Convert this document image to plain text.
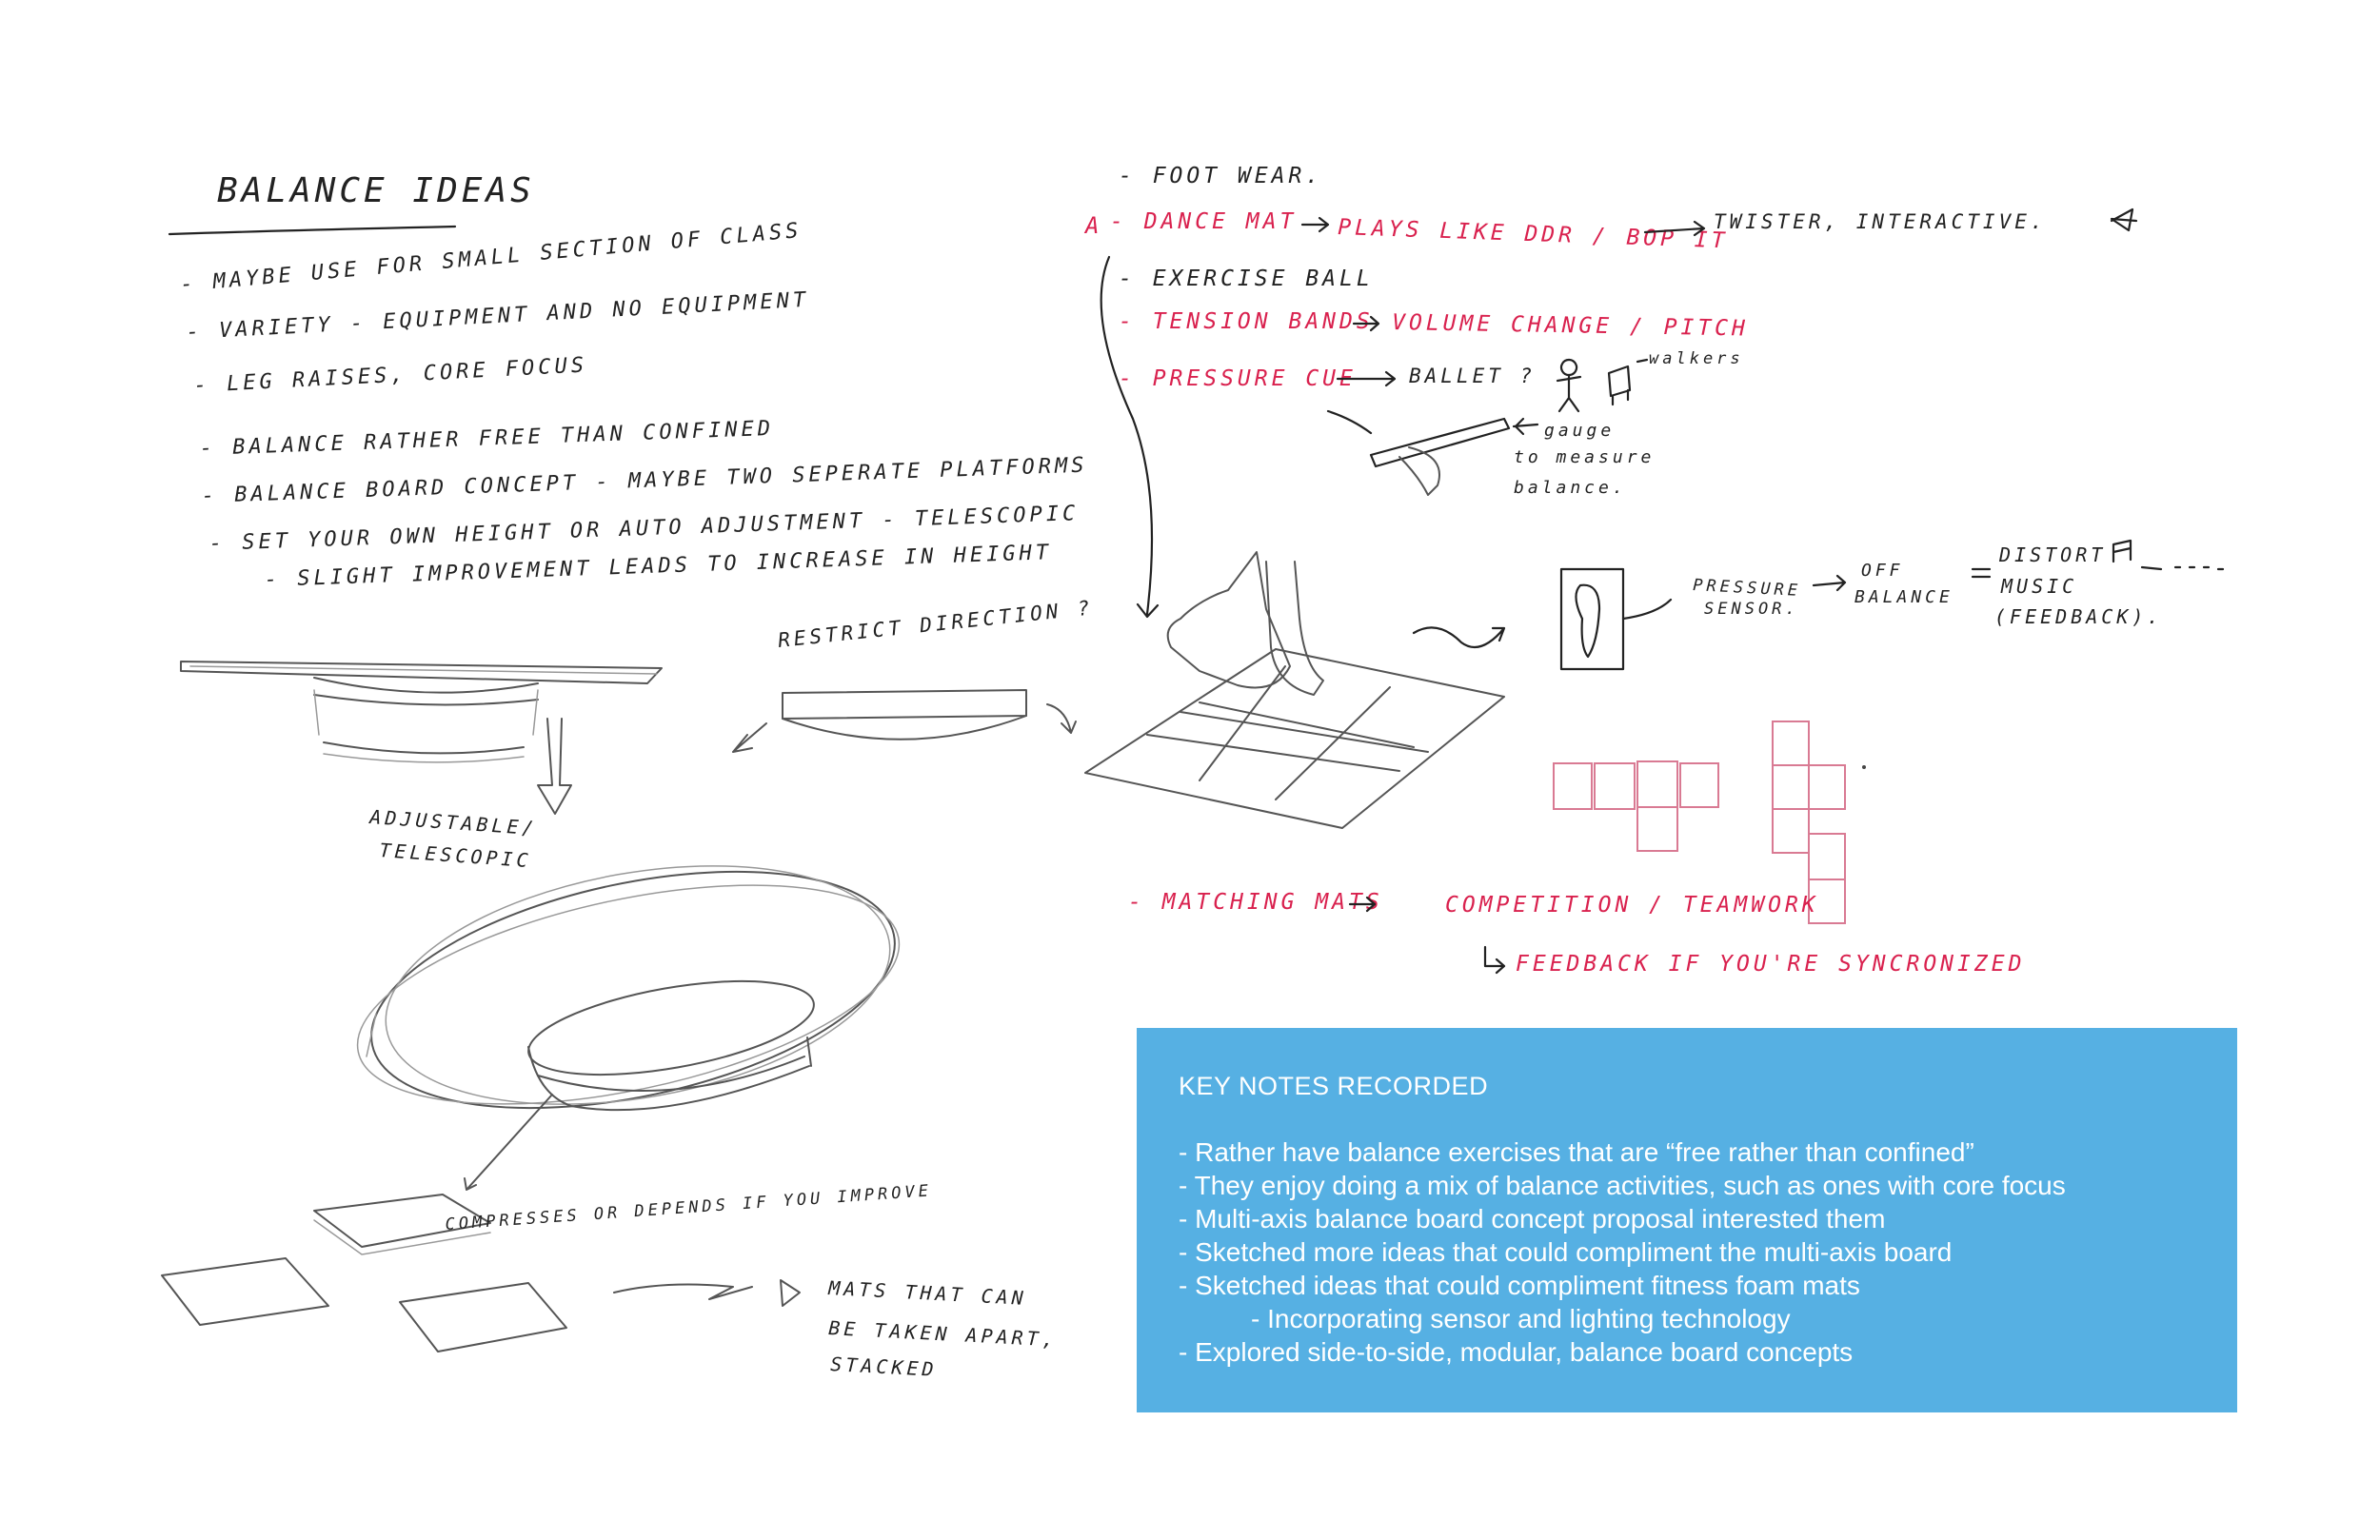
BALANCE IDEAS
- MAYBE USE FOR SMALL SECTION OF CLASS
- VARIETY - EQUIPMENT AND NO EQUIPMENT
- LEG RAISES, CORE FOCUS
- BALANCE RATHER FREE THAN CONFINED
- BALANCE BOARD CONCEPT - MAYBE TWO SEPERATE PLATFORMS
- SET YOUR OWN HEIGHT OR AUTO ADJUSTMENT - TELESCOPIC
- SLIGHT IMPROVEMENT LEADS TO INCREASE IN HEIGHT
ADJUSTABLE/
TELESCOPIC
RESTRICT DIRECTION ?
COMPRESSES OR DEPENDS IF YOU IMPROVE
MATS THAT CAN
BE TAKEN APART,
STACKED
- FOOT WEAR.
A - DANCE MAT PLAYS LIKE DDR / BOP IT
TWISTER, INTERACTIVE.
- EXERCISE BALL
- TENSION BANDS VOLUME CHANGE / PITCH
- PRESSURE CUE	BALLET ?
walkers
gauge
to measure
balance.
PRESSURE
SENSOR.
OFF
BALANCE
DISTORT
MUSIC
(FEEDBACK).
- MATCHING MATS	COMPETITION / TEAMWORK
FEEDBACK IF YOU'RE SYNCRONIZED
KEY NOTES RECORDED
- Rather have balance exercises that are “free rather than confined”
- They enjoy doing a mix of balance activities, such as ones with core focus
- Multi-axis balance board concept proposal interested them
- Sketched more ideas that could compliment the multi-axis board
- Sketched ideas that could compliment fitness foam mats
- Incorporating sensor and lighting technology
- Explored side-to-side, modular, balance board concepts
